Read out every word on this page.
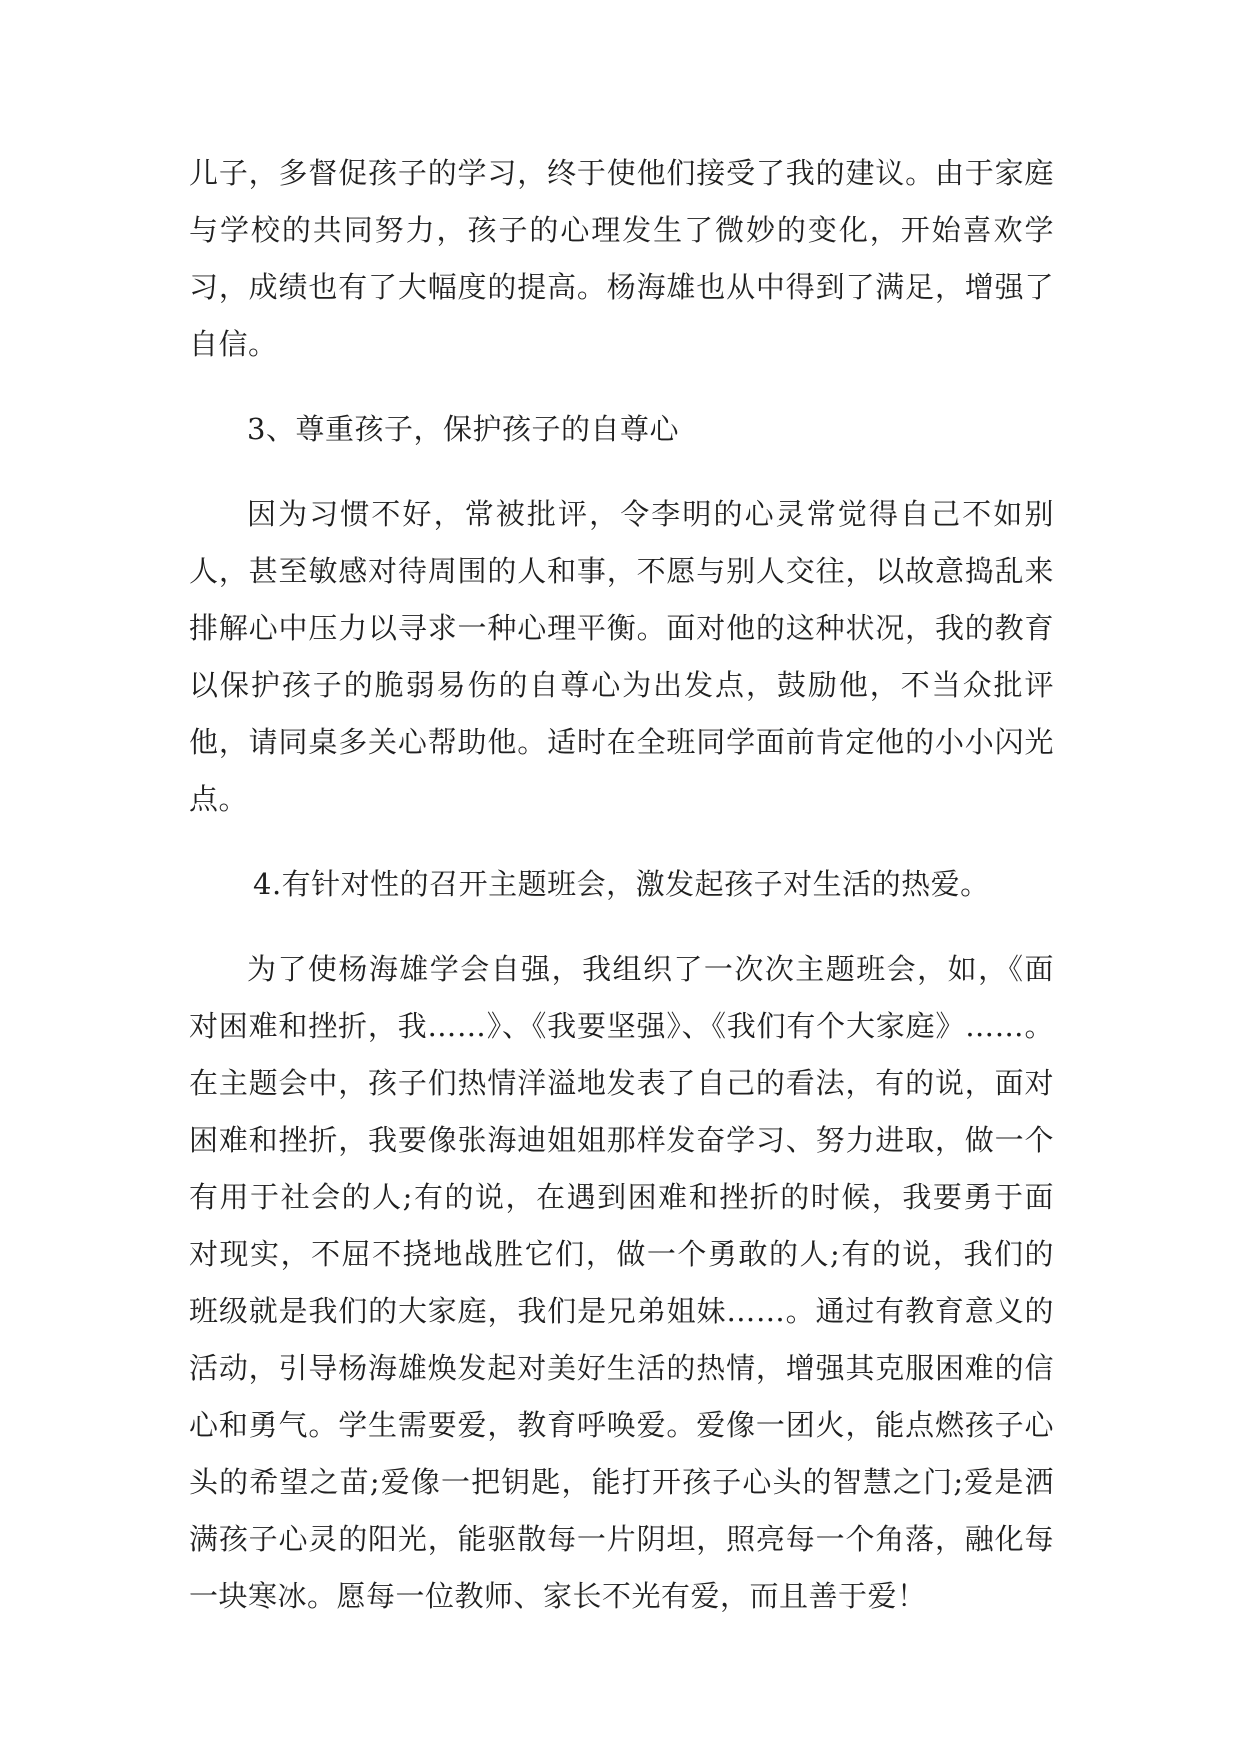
儿子，多督促孩子的学习，终于使他们接受了我的建议。由于家庭与学校的共同努力，孩子的心理发生了微妙的变化，开始喜欢学习，成绩也有了大幅度的提高。杨海雄也从中得到了满足，增强了自信。

3、尊重孩子，保护孩子的自尊心

因为习惯不好，常被批评，令李明的心灵常觉得自己不如别人，甚至敏感对待周围的人和事，不愿与别人交往，以故意捣乱来排解心中压力以寻求一种心理平衡。面对他的这种状况，我的教育以保护孩子的脆弱易伤的自尊心为出发点，鼓励他，不当众批评他，请同桌多关心帮助他。适时在全班同学面前肯定他的小小闪光点。

4.有针对性的召开主题班会，激发起孩子对生活的热爱。

为了使杨海雄学会自强，我组织了一次次主题班会，如，《面对困难和挫折，我……》、《我要坚强》、《我们有个大家庭》……。在主题会中，孩子们热情洋溢地发表了自己的看法，有的说，面对困难和挫折，我要像张海迪姐姐那样发奋学习、努力进取，做一个有用于社会的人;有的说，在遇到困难和挫折的时候，我要勇于面对现实，不屈不挠地战胜它们，做一个勇敢的人;有的说，我们的班级就是我们的大家庭，我们是兄弟姐妹……。通过有教育意义的活动，引导杨海雄焕发起对美好生活的热情，增强其克服困难的信心和勇气。学生需要爱，教育呼唤爱。爱像一团火，能点燃孩子心头的希望之苗;爱像一把钥匙，能打开孩子心头的智慧之门;爱是洒满孩子心灵的阳光，能驱散每一片阴坦，照亮每一个角落，融化每一块寒冰。愿每一位教师、家长不光有爱，而且善于爱！
